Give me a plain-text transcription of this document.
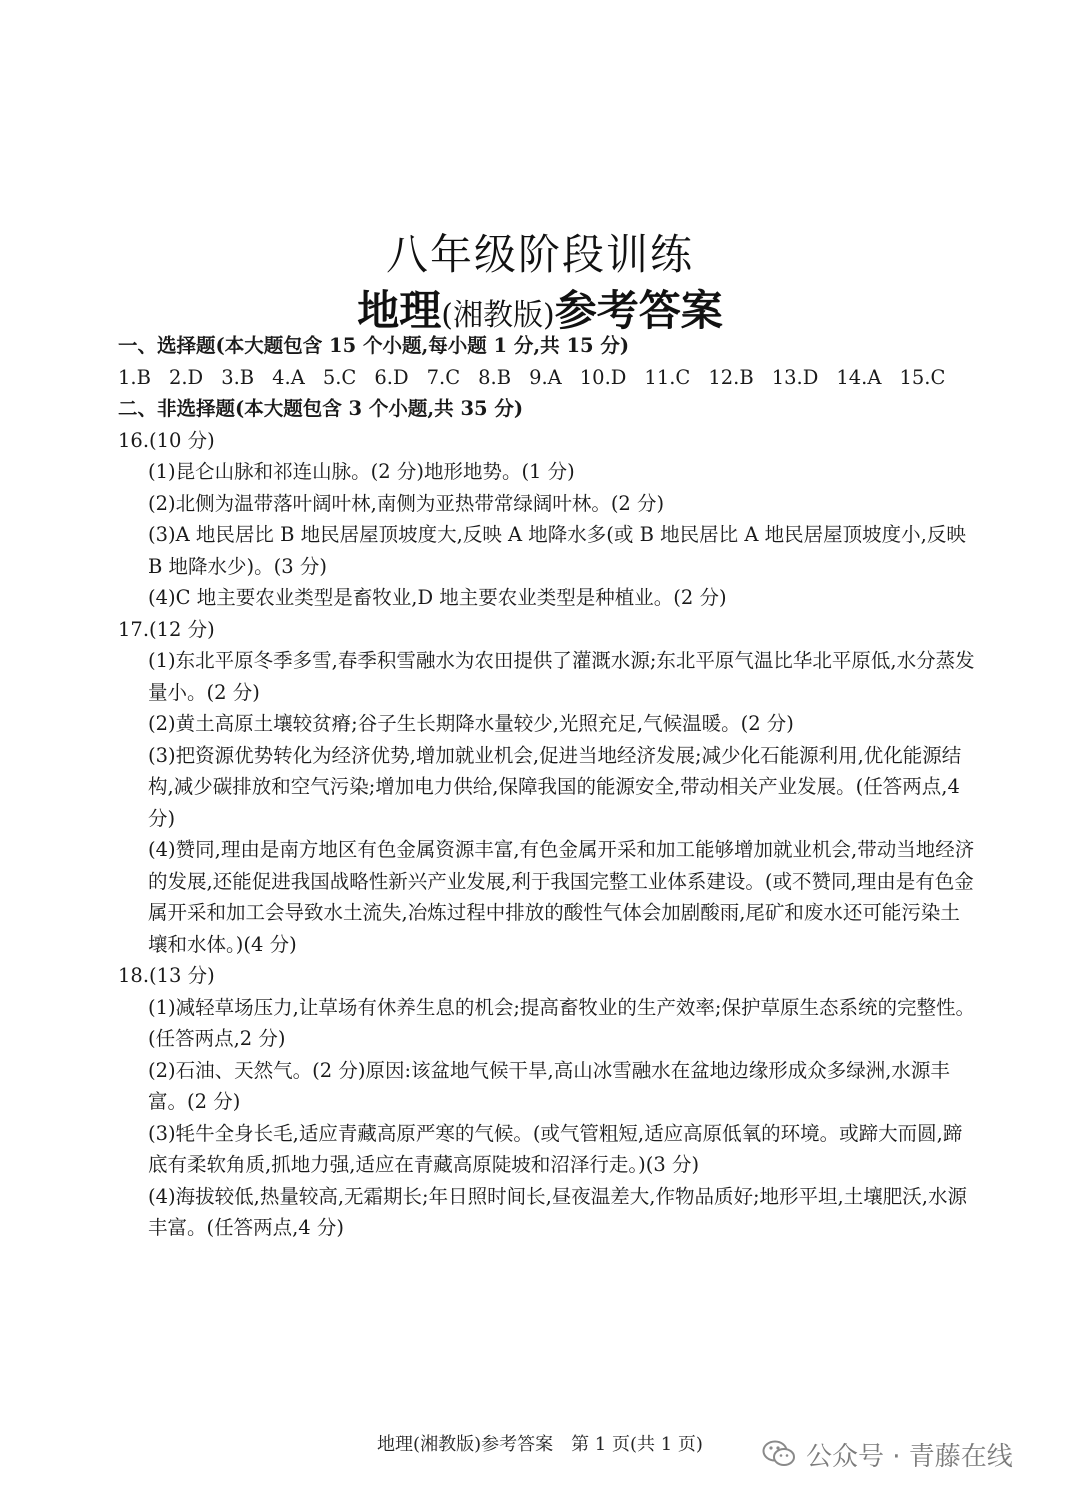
八年级阶段训练
地理(湘教版)参考答案
一、选择题(本大题包含 15 个小题,每小题 1 分,共 15 分)
1.B 2.D 3.B 4.A 5.C 6.D 7.C 8.B 9.A 10.D 11.C 12.B 13.D 14.A 15.C
二、非选择题(本大题包含 3 个小题,共 35 分)
16.(10 分)
(1)昆仑山脉和祁连山脉。(2 分)地形地势。(1 分)
(2)北侧为温带落叶阔叶林,南侧为亚热带常绿阔叶林。(2 分)
(3)A 地民居比 B 地民居屋顶坡度大,反映 A 地降水多(或 B 地民居比 A 地民居屋顶坡度小,反映 B 地降水少)。(3 分)
(4)C 地主要农业类型是畜牧业,D 地主要农业类型是种植业。(2 分)
17.(12 分)
(1)东北平原冬季多雪,春季积雪融水为农田提供了灌溉水源;东北平原气温比华北平原低,水分蒸发量小。(2 分)
(2)黄土高原土壤较贫瘠;谷子生长期降水量较少,光照充足,气候温暖。(2 分)
(3)把资源优势转化为经济优势,增加就业机会,促进当地经济发展;减少化石能源利用,优化能源结构,减少碳排放和空气污染;增加电力供给,保障我国的能源安全,带动相关产业发展。(任答两点,4 分)
(4)赞同,理由是南方地区有色金属资源丰富,有色金属开采和加工能够增加就业机会,带动当地经济的发展,还能促进我国战略性新兴产业发展,利于我国完整工业体系建设。(或不赞同,理由是有色金属开采和加工会导致水土流失,冶炼过程中排放的酸性气体会加剧酸雨,尾矿和废水还可能污染土壤和水体。)(4 分)
18.(13 分)
(1)减轻草场压力,让草场有休养生息的机会;提高畜牧业的生产效率;保护草原生态系统的完整性。(任答两点,2 分)
(2)石油、天然气。(2 分)原因:该盆地气候干旱,高山冰雪融水在盆地边缘形成众多绿洲,水源丰富。(2 分)
(3)牦牛全身长毛,适应青藏高原严寒的气候。(或气管粗短,适应高原低氧的环境。或蹄大而圆,蹄底有柔软角质,抓地力强,适应在青藏高原陡坡和沼泽行走。)(3 分)
(4)海拔较低,热量较高,无霜期长;年日照时间长,昼夜温差大,作物品质好;地形平坦,土壤肥沃,水源丰富。(任答两点,4 分)
地理(湘教版)参考答案　第 1 页(共 1 页)	公众号 · 青藤在线
